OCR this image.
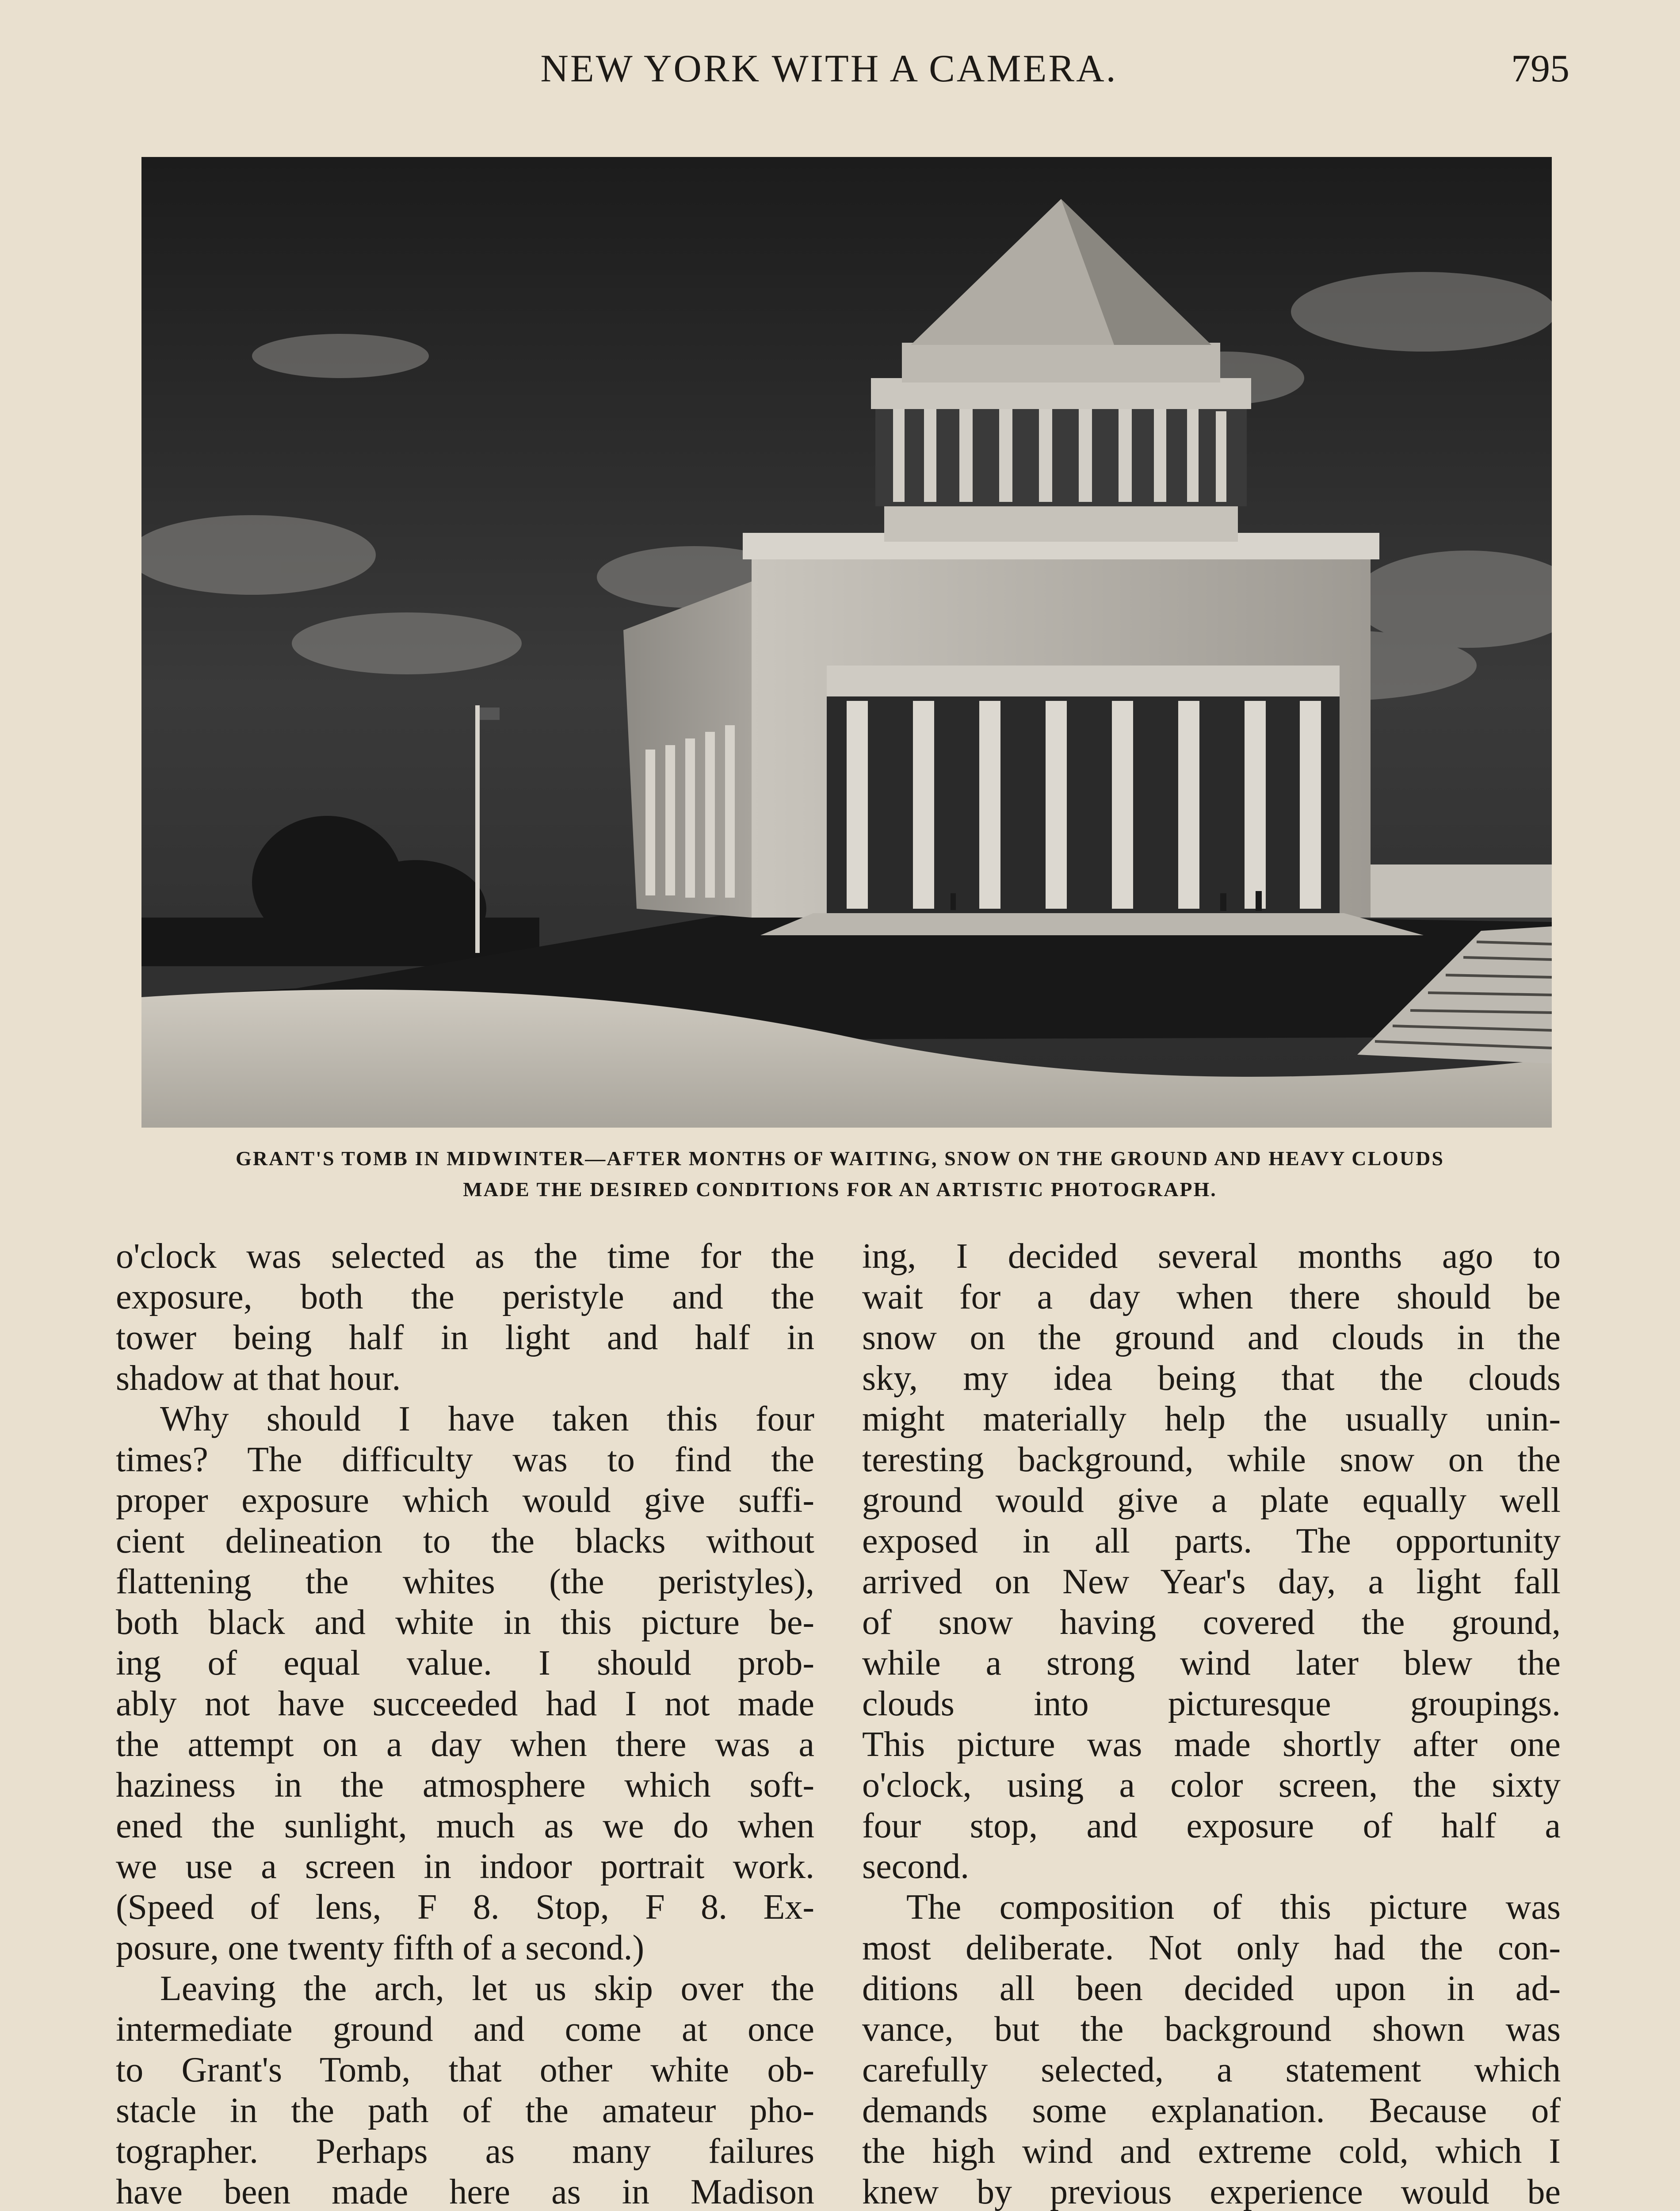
NEW YORK WITH A CAMERA.	795
GRANT'S TOMB IN MIDWINTER—AFTER MONTHS OF WAITING, SNOW ON THE GROUND AND HEAVY CLOUDS
MADE THE DESIRED CONDITIONS FOR AN ARTISTIC PHOTOGRAPH.

o'clock was selected as the time for the
exposure, both the peristyle and the
tower being half in light and half in
shadow at that hour.

Why should I have taken this four
times? The difficulty was to find the
proper exposure which would give suffi-
cient delineation to the blacks without
flattening the whites (the peristyles),
both black and white in this picture be-
ing of equal value. I should prob-
ably not have succeeded had I not made
the attempt on a day when there was a
haziness in the atmosphere which soft-
ened the sunlight, much as we do when
we use a screen in indoor portrait work.
(Speed of lens, F 8. Stop, F 8. Ex-
posure, one twenty fifth of a second.)

Leaving the arch, let us skip over the
intermediate ground and come at once
to Grant's Tomb, that other white ob-
stacle in the path of the amateur pho-
tographer. Perhaps as many failures
have been made here as in Madison

ing, I decided several months ago to
wait for a day when there should be
snow on the ground and clouds in the
sky, my idea being that the clouds
might materially help the usually unin-
teresting background, while snow on the
ground would give a plate equally well
exposed in all parts. The opportunity
arrived on New Year's day, a light fall
of snow having covered the ground,
while a strong wind later blew the
clouds into picturesque groupings.
This picture was made shortly after one
o'clock, using a color screen, the sixty
four stop, and exposure of half a
second.

The composition of this picture was
most deliberate. Not only had the con-
ditions all been decided upon in ad-
vance, but the background shown was
carefully selected, a statement which
demands some explanation. Because of
the high wind and extreme cold, which I
knew by previous experience would be
